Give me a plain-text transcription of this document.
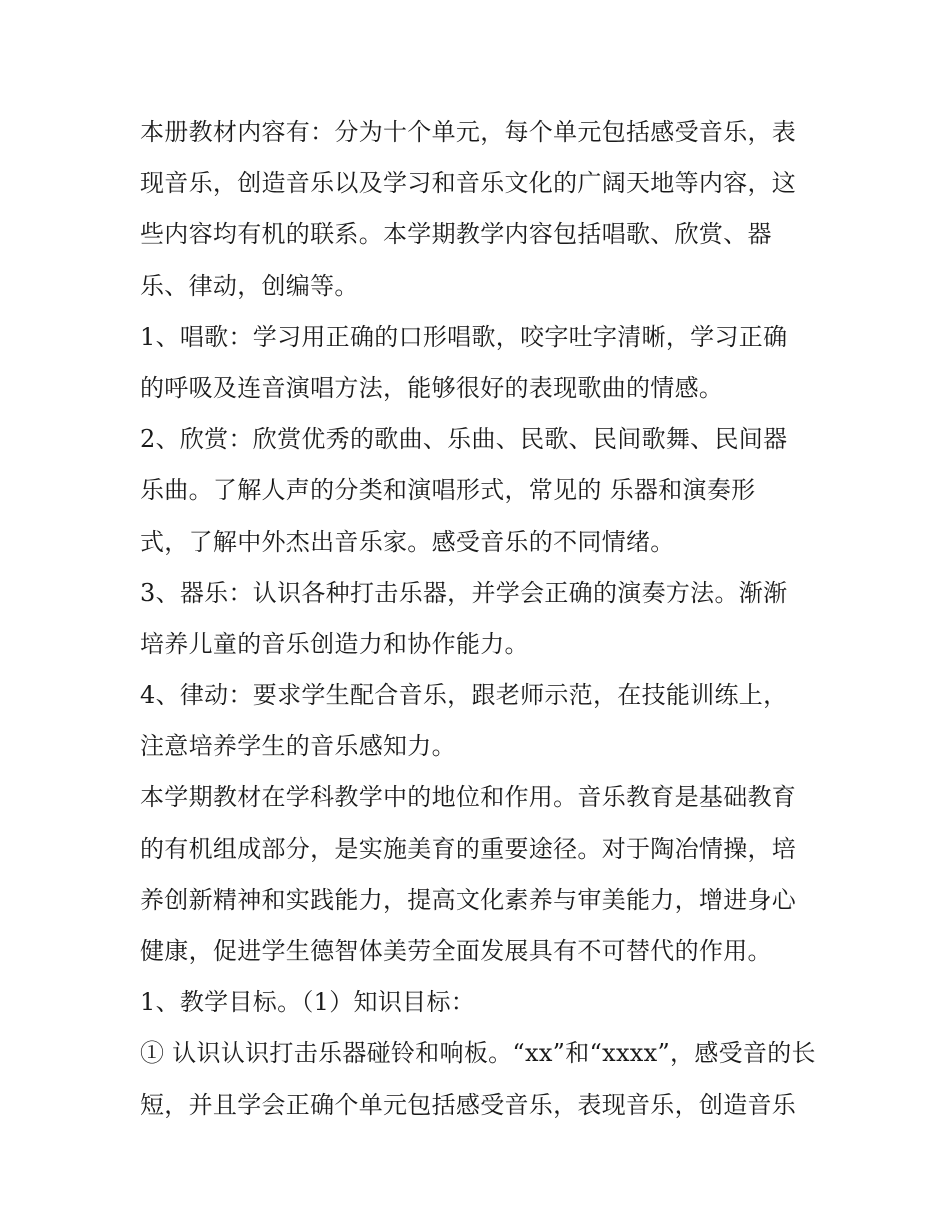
本册教材内容有：分为十个单元，每个单元包括感受音乐，表
现音乐，创造音乐以及学习和音乐文化的广阔天地等内容，这
些内容均有机的联系。本学期教学内容包括唱歌、欣赏、器
乐、律动，创编等。
1、唱歌：学习用正确的口形唱歌，咬字吐字清晰，学习正确
的呼吸及连音演唱方法，能够很好的表现歌曲的情感。
2、欣赏：欣赏优秀的歌曲、乐曲、民歌、民间歌舞、民间器
乐曲。了解人声的分类和演唱形式，常见的 乐器和演奏形
式，了解中外杰出音乐家。感受音乐的不同情绪。
3、器乐：认识各种打击乐器，并学会正确的演奏方法。渐渐
培养儿童的音乐创造力和协作能力。
4、律动：要求学生配合音乐，跟老师示范，在技能训练上，
注意培养学生的音乐感知力。
本学期教材在学科教学中的地位和作用。音乐教育是基础教育
的有机组成部分，是实施美育的重要途径。对于陶冶情操，培
养创新精神和实践能力，提高文化素养与审美能力，增进身心
健康，促进学生德智体美劳全面发展具有不可替代的作用。
1、教学目标。（1）知识目标：
① 认识认识打击乐器碰铃和响板。“xx”和“xxxx”，感受音的长
短，并且学会正确个单元包括感受音乐，表现音乐，创造音乐
